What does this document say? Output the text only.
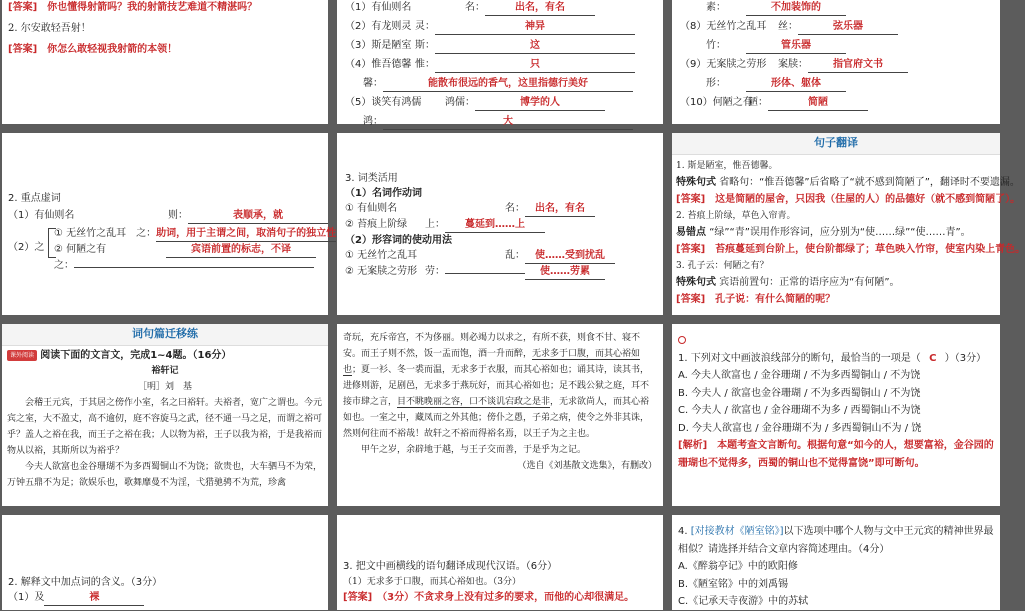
[答案]　你也懂得射箭吗？我的射箭技艺难道不精湛吗？
2. 尔安敢轻吾射！
[答案]　你怎么敢轻视我射箭的本领！
（1）有仙则名	名：	出名，有名
（2）有龙则灵 灵：	神异
（3）斯是陋室 斯：	这
（4）惟吾德馨 惟：	只
馨：	能散布很远的香气，这里指德行美好
（5）谈笑有鸿儒 鸿儒：	博学的人
鸿：	大
素：	不加装饰的
（8）无丝竹之乱耳 丝：	弦乐器
竹：	管乐器
（9）无案牍之劳形 案牍：	指官府文书
形：	形体、躯体
（10）何陋之有陋：	简陋
2. 重点虚词
（1）有仙则名	则：	表顺承，就
（2）之
① 无丝竹之乱耳　之：助词，用于主谓之间，取消句子的独立性
② 何陋之有	宾语前置的标志，不译
之：
3. 词类活用
（1）名词作动词
① 有仙则名	名： 出名，有名
② 苔痕上阶绿 上： 蔓延到……上
（2）形容词的使动用法
① 无丝竹之乱耳	乱： 使……受到扰乱
② 无案牍之劳形 劳：	使……劳累
句子翻译
1. 斯是陋室，惟吾德馨。
特殊句式 省略句：“惟吾德馨”后省略了“就不感到简陋了”，翻译时不要遗漏。
[答案]　这是简陋的屋舍，只因我（住屋的人）的品德好（就不感到简陋了）。
2. 苔痕上阶绿，草色入帘青。
易错点 “绿”“青”误用作形容词，应分别为“使……绿”“使……青”。
[答案]　苔痕蔓延到台阶上，使台阶都绿了；草色映入竹帘，使室内染上青色。
3. 孔子云：何陋之有？
特殊句式 宾语前置句：正常的语序应为“有何陋”。
[答案]　孔子说：有什么简陋的呢？
词句篇迁移练
课外阅读 阅读下面的文言文，完成1~4题。（16分）
裕轩记
［明］刘　基
会稽王元宾，于其居之傍作小室，名之曰裕轩。夫裕者，宽广之谓也。今元宾之室，大不盈丈，高不逾仞，庭不容旋马之武，径不通一马之足，而谓之裕可乎？盖人之裕在我，而王子之裕在我；人以物为裕，王子以我为裕，于是我裕而物从以裕，其斯所以为裕乎？
今夫人欲富也金谷珊瑚不为多西蜀铜山不为饶；欲贵也，大车驷马不为荣，万钟五鼎不为足；欲娱乐也，歌舞靡曼不为淫，弋猎驰骋不为荒，珍禽
奇玩，充斥帝宫，不为侈丽。则必竭力以求之，有所不获，则食不甘、寝不安。而王子则不然，饭一盂而饱，酒一升而醉，无求多于口腹，而其心裕如也；夏一衫、冬一裘而温，无求多于衣服，而其心裕如也；诵其诗，读其书，进修则游，足剧邑，无求多于燕玩好，而其心裕如也；足不践公狱之庭，耳不接市肆之言，目不眺晚丽之容，口不谈讥宕政之是非，无求欲尚人，而其心裕如也。一室之中，藏凤而之外其他；傍仆之愚，子弟之病，使令之外非其诛，然则何往而不裕哉！故轩之不裕而得裕名焉，以王子为之主也。
甲午之岁，余辟地于越，与王子交而善，于是乎为之记。
（选自《刘基散文选集》，有删改）
1. 下列对文中画波浪线部分的断句，最恰当的一项是（ C ）（3分）
A. 今夫人欲富也 / 金谷珊瑚 / 不为多西蜀铜山 / 不为饶
B. 今夫人 / 欲富也金谷珊瑚 / 不为多西蜀铜山 / 不为饶
C. 今夫人 / 欲富也 / 金谷珊瑚不为多 / 西蜀铜山不为饶
D. 今夫人欲富也 / 金谷珊瑚不为 / 多西蜀铜山不为 / 饶
[解析]　本题考查文言断句。根据句意“如今的人，想要富裕，金谷园的珊瑚也不觉得多，西蜀的铜山也不觉得富饶”即可断句。
2. 解释文中加点词的含义。（3分）
（1）及	裸
3. 把文中画横线的语句翻译成现代汉语。（6分）
（1）无求多于口腹，而其心裕如也。（3分）
[答案]　（3分）不贪求身上没有过多的要求，而他的心却很满足。
4. [对接教材《陋室铭》]以下选项中哪个人物与文中王元宾的精神世界最相似？请选择并结合文章内容简述理由。（4分）
A.《醉翁亭记》中的欧阳修
B.《陋室铭》中的刘禹锡
C.《记承天寺夜游》中的苏轼
